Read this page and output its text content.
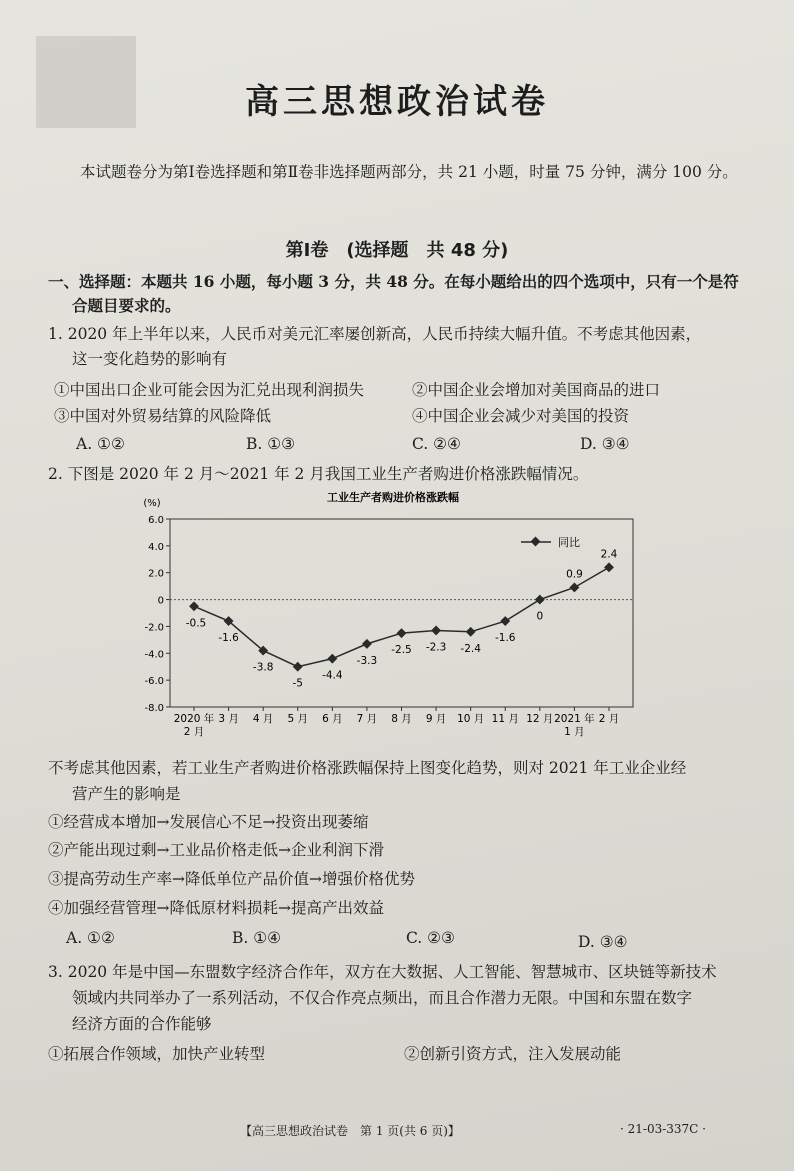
高三思想政治试卷
本试题卷分为第Ⅰ卷选择题和第Ⅱ卷非选择题两部分，共 21 小题，时量 75 分钟，满分 100 分。
第Ⅰ卷　(选择题　共 48 分)
一、选择题：本题共 16 小题，每小题 3 分，共 48 分。在每小题给出的四个选项中，只有一个是符
合题目要求的。
1. 2020 年上半年以来，人民币对美元汇率屡创新高，人民币持续大幅升值。不考虑其他因素，
这一变化趋势的影响有
①中国出口企业可能会因为汇兑出现利润损失	②中国企业会增加对美国商品的进口
③中国对外贸易结算的风险降低	④中国企业会减少对美国的投资
A. ①②	B. ①③	C. ②④	D. ③④
2. 下图是 2020 年 2 月～2021 年 2 月我国工业生产者购进价格涨跌幅情况。
工业生产者购进价格涨跌幅
(%)
6.0
4.0
2.0
0
-2.0
-4.0
-6.0
-8.0
2020 年
2 月
3 月 4 月 5 月 6 月 7 月 8 月 9 月 10 月 11 月 12 月 2021 年
1 月
2 月
-0.5
-1.6
-3.8
-5
-4.4
-3.3
-2.5 -2.3 -2.4
-1.6
0
0.9
2.4
同比
不考虑其他因素，若工业生产者购进价格涨跌幅保持上图变化趋势，则对 2021 年工业企业经
营产生的影响是
①经营成本增加→发展信心不足→投资出现萎缩
②产能出现过剩→工业品价格走低→企业利润下滑
③提高劳动生产率→降低单位产品价值→增强价格优势
④加强经营管理→降低原材料损耗→提高产出效益
A. ①②	B. ①④	C. ②③	D. ③④
3. 2020 年是中国—东盟数字经济合作年，双方在大数据、人工智能、智慧城市、区块链等新技术
领域内共同举办了一系列活动，不仅合作亮点频出，而且合作潜力无限。中国和东盟在数字
经济方面的合作能够
①拓展合作领域，加快产业转型	②创新引资方式，注入发展动能
【高三思想政治试卷　第 1 页(共 6 页)】	· 21-03-337C ·
